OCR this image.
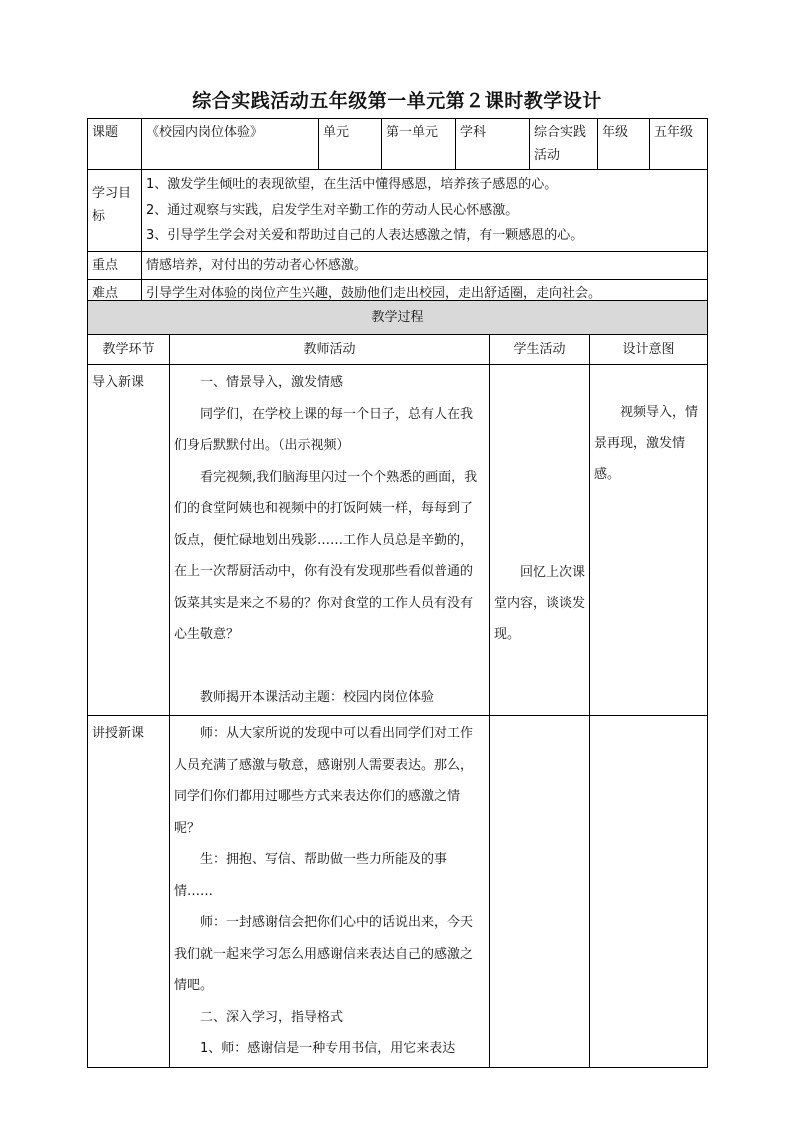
综合实践活动五年级第一单元第２课时教学设计
课题	《校园内岗位体验》	单元	第一单元	学科	综合实践活动	年级	五年级
学习目标	1、激发学生倾吐的表现欲望，在生活中懂得感恩，培养孩子感恩的心。
2、通过观察与实践，启发学生对辛勤工作的劳动人民心怀感激。
3、引导学生学会对关爱和帮助过自己的人表达感激之情，有一颗感恩的心。						

重点	情感培养，对付出的劳动者心怀感激。						
难点	引导学生对体验的岗位产生兴趣，鼓励他们走出校园，走出舒适圈，走向社会。						
教学过程			
教学环节	教师活动	学生活动	设计意图
导入新课	一、情景导入，激发情感

同学们，在学校上课的每一个日子，总有人在我们身后默默付出。（出示视频）

看完视频,我们脑海里闪过一个个熟悉的画面，我们的食堂阿姨也和视频中的打饭阿姨一样，每每到了饭点，便忙碌地划出残影……工作人员总是辛勤的，在上一次帮厨活动中，你有没有发现那些看似普通的饭菜其实是来之不易的？你对食堂的工作人员有没有心生敬意？

教师揭开本课活动主题：校园内岗位体验	回忆上次课堂内容，谈谈发现。	视频导入，情景再现，激发情感。
讲授新课	师：从大家所说的发现中可以看出同学们对工作人员充满了感激与敬意，感谢别人需要表达。那么，同学们你们都用过哪些方式来表达你们的感激之情呢？

生：拥抱、写信、帮助做一些力所能及的事情……

师：一封感谢信会把你们心中的话说出来，今天我们就一起来学习怎么用感谢信来表达自己的感激之情吧。

二、深入学习，指导格式

1、师：感谢信是一种专用书信，用它来表达		
